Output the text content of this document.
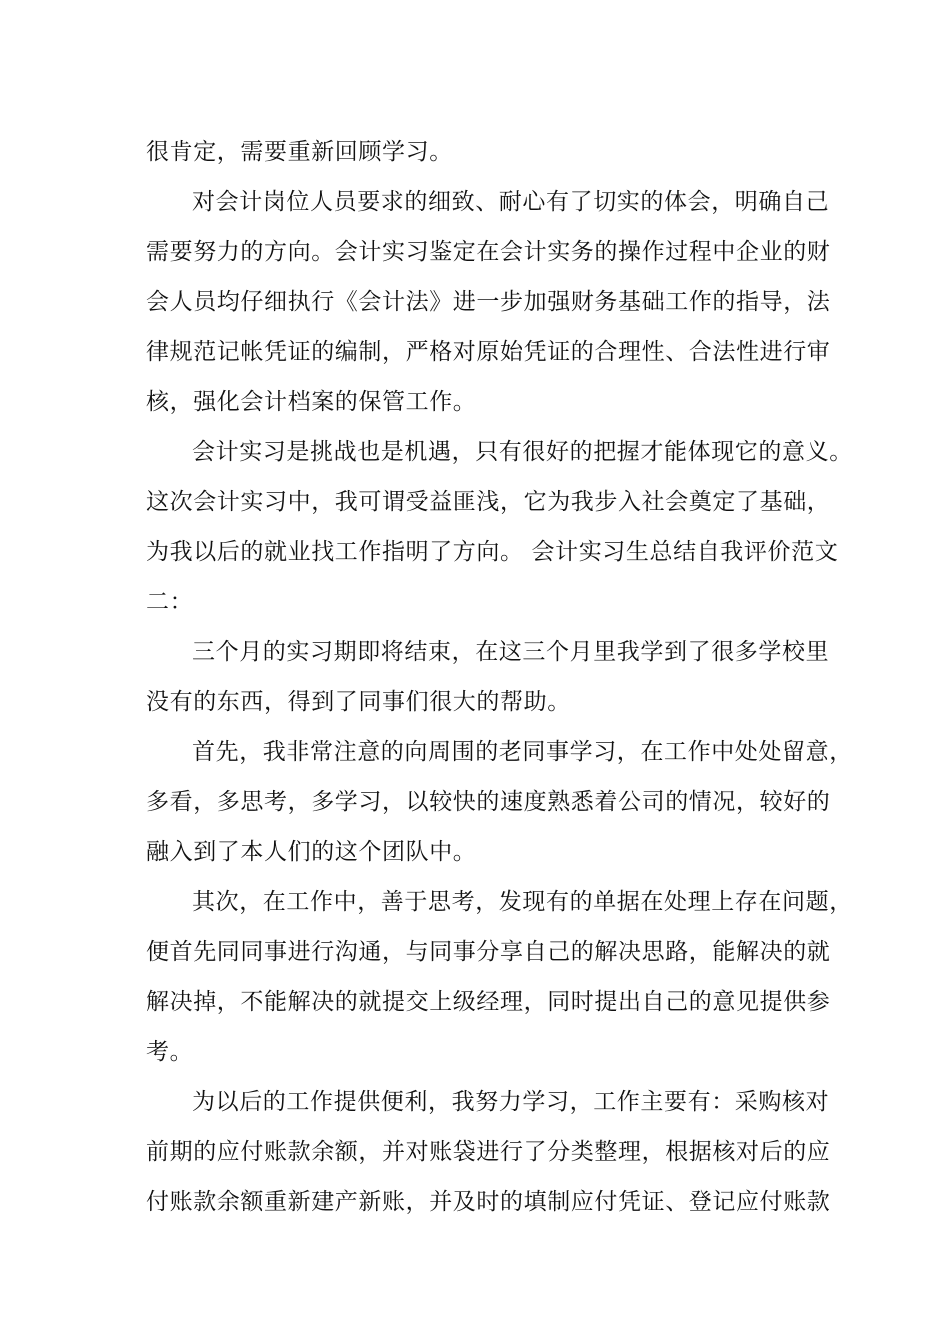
很肯定，需要重新回顾学习。
对会计岗位人员要求的细致、耐心有了切实的体会，明确自己
需要努力的方向。会计实习鉴定在会计实务的操作过程中企业的财
会人员均仔细执行《会计法》进一步加强财务基础工作的指导，法
律规范记帐凭证的编制，严格对原始凭证的合理性、合法性进行审
核，强化会计档案的保管工作。
会计实习是挑战也是机遇，只有很好的把握才能体现它的意义。
这次会计实习中，我可谓受益匪浅，它为我步入社会奠定了基础，
为我以后的就业找工作指明了方向。 会计实习生总结自我评价范文
二：
三个月的实习期即将结束，在这三个月里我学到了很多学校里
没有的东西，得到了同事们很大的帮助。
首先，我非常注意的向周围的老同事学习，在工作中处处留意，
多看，多思考，多学习，以较快的速度熟悉着公司的情况，较好的
融入到了本人们的这个团队中。
其次，在工作中，善于思考，发现有的单据在处理上存在问题，
便首先同同事进行沟通，与同事分享自己的解决思路，能解决的就
解决掉，不能解决的就提交上级经理，同时提出自己的意见提供参
考。
为以后的工作提供便利，我努力学习，工作主要有：采购核对
前期的应付账款余额，并对账袋进行了分类整理，根据核对后的应
付账款余额重新建产新账，并及时的填制应付凭证、登记应付账款
